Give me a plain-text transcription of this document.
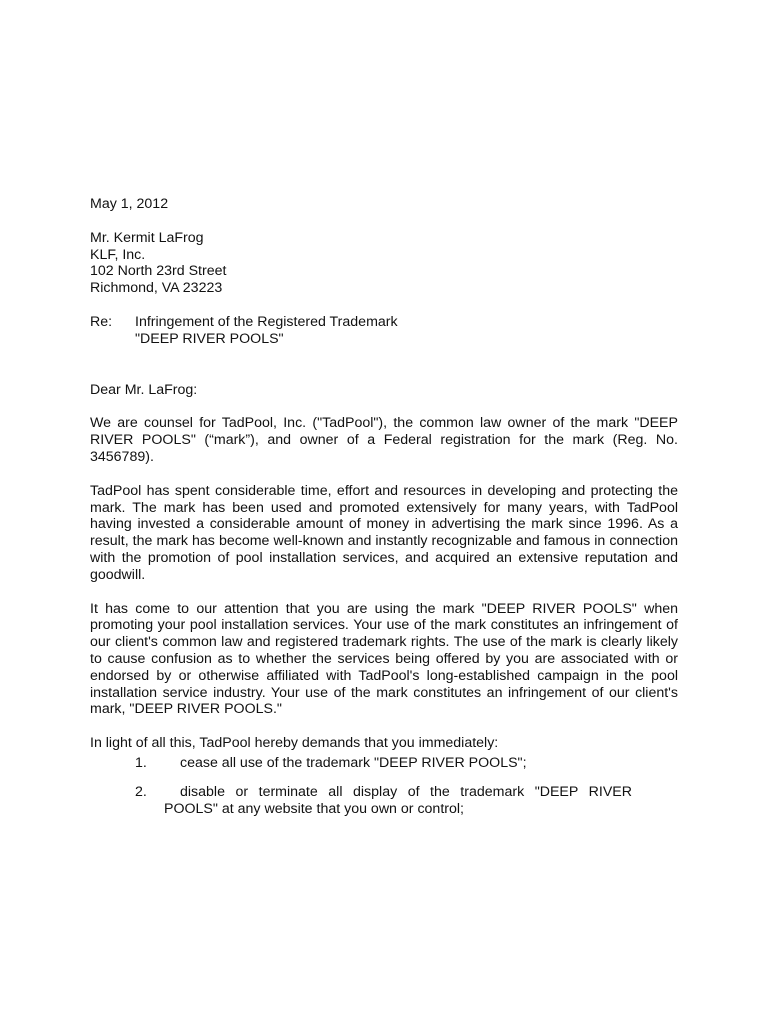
May 1, 2012
Mr. Kermit LaFrog
KLF, Inc.
102 North 23rd Street
Richmond, VA 23223
Re:	Infringement of the Registered Trademark
"DEEP RIVER POOLS"
Dear Mr. LaFrog:
We are counsel for TadPool, Inc. ("TadPool"), the common law owner of the mark "DEEP RIVER POOLS" (“mark”), and owner of a Federal registration for the mark (Reg. No. 3456789).
TadPool has spent considerable time, effort and resources in developing and protecting the mark. The mark has been used and promoted extensively for many years, with TadPool having invested a considerable amount of money in advertising the mark since 1996. As a result, the mark has become well-known and instantly recognizable and famous in connection with the promotion of pool installation services, and acquired an extensive reputation and goodwill.
It has come to our attention that you are using the mark "DEEP RIVER POOLS" when promoting your pool installation services. Your use of the mark constitutes an infringement of our client's common law and registered trademark rights. The use of the mark is clearly likely to cause confusion as to whether the services being offered by you are associated with or endorsed by or otherwise affiliated with TadPool's long-established campaign in the pool installation service industry. Your use of the mark constitutes an infringement of our client's mark, "DEEP RIVER POOLS."
In light of all this, TadPool hereby demands that you immediately:
1.	cease all use of the trademark "DEEP RIVER POOLS";
2.	disable or terminate all display of the trademark "DEEP RIVER
POOLS" at any website that you own or control;
